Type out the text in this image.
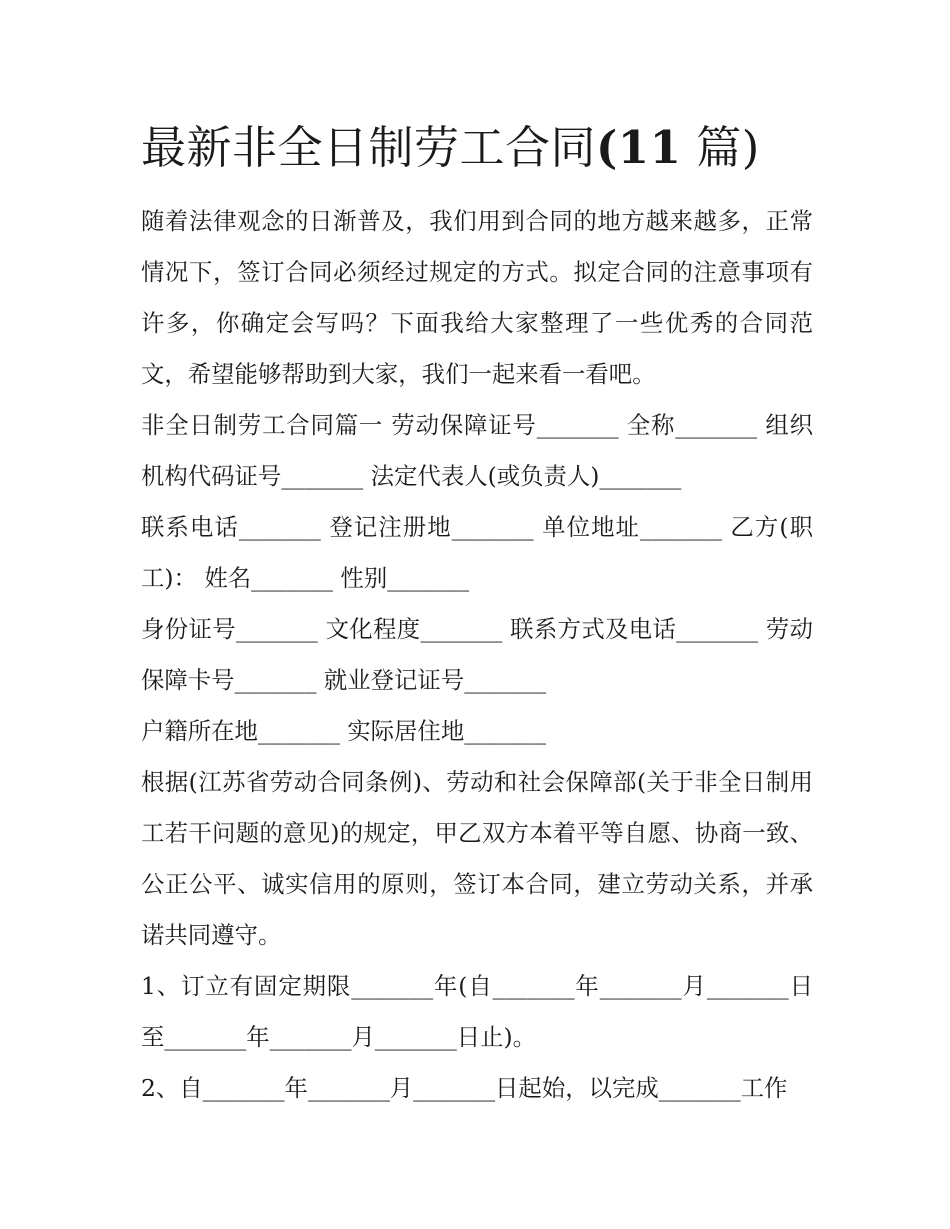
最新非全日制劳工合同(11 篇)

随着法律观念的日渐普及，我们用到合同的地方越来越多，正常情况下，签订合同必须经过规定的方式。拟定合同的注意事项有许多，你确定会写吗？下面我给大家整理了一些优秀的合同范文，希望能够帮助到大家，我们一起来看一看吧。

非全日制劳工合同篇一 劳动保障证号_______ 全称_______ 组织机构代码证号_______ 法定代表人(或负责人)_______

联系电话_______ 登记注册地_______ 单位地址_______ 乙方(职工)： 姓名_______ 性别_______

身份证号_______ 文化程度_______ 联系方式及电话_______ 劳动保障卡号_______ 就业登记证号_______

户籍所在地_______ 实际居住地_______

根据(江苏省劳动合同条例)、劳动和社会保障部(关于非全日制用工若干问题的意见)的规定，甲乙双方本着平等自愿、协商一致、公正公平、诚实信用的原则，签订本合同，建立劳动关系，并承诺共同遵守。

1、订立有固定期限_______年(自_______年_______月_______日至_______年_______月_______日止)。

2、自_______年_______月_______日起始，以完成_______工作
